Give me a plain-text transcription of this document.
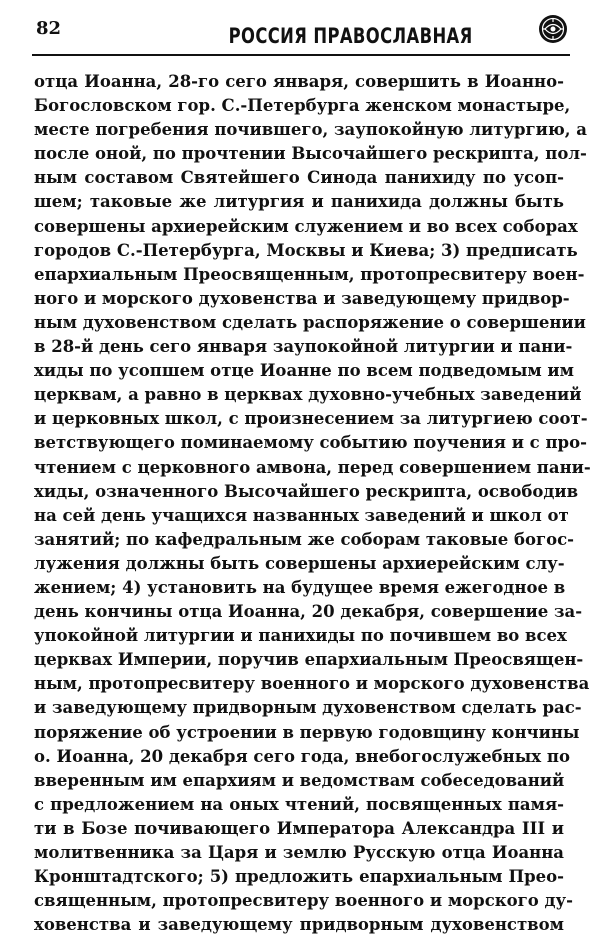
82	РОССИЯ ПРАВОСЛАВНАЯ
отца Иоанна, 28-го сего января, совершить в Иоанно-
Богословском гор. С.-Петербурга женском монастыре,
месте погребения почившего, заупокойную литургию, а
после оной, по прочтении Высочайшего рескрипта, пол-
ным составом Святейшего Синода панихиду по усоп-
шем; таковые же литургия и панихида должны быть
совершены архиерейским служением и во всех соборах
городов С.-Петербурга, Москвы и Киева; 3) предписать
епархиальным Преосвященным, протопресвитеру воен-
ного и морского духовенства и заведующему придвор-
ным духовенством сделать распоряжение о совершении
в 28-й день сего января заупокойной литургии и пани-
хиды по усопшем отце Иоанне по всем подведомым им
церквам, а равно в церквах духовно-учебных заведений
и церковных школ, с произнесением за литургиею соот-
ветствующего поминаемому событию поучения и с про-
чтением с церковного амвона, перед совершением пани-
хиды, означенного Высочайшего рескрипта, освободив
на сей день учащихся названных заведений и школ от
занятий; по кафедральным же соборам таковые богос-
лужения должны быть совершены архиерейским слу-
жением; 4) установить на будущее время ежегодное в
день кончины отца Иоанна, 20 декабря, совершение за-
упокойной литургии и панихиды по почившем во всех
церквах Империи, поручив епархиальным Преосвящен-
ным, протопресвитеру военного и морского духовенства
и заведующему придворным духовенством сделать рас-
поряжение об устроении в первую годовщину кончины
о. Иоанна, 20 декабря сего года, внебогослужебных по
вверенным им епархиям и ведомствам собеседований
с предложением на оных чтений, посвященных памя-
ти в Бозе почивающего Императора Александра III и
молитвенника за Царя и землю Русскую отца Иоанна
Кронштадтского; 5) предложить епархиальным Прео-
священным, протопресвитеру военного и морского ду-
ховенства и заведующему придворным духовенством
